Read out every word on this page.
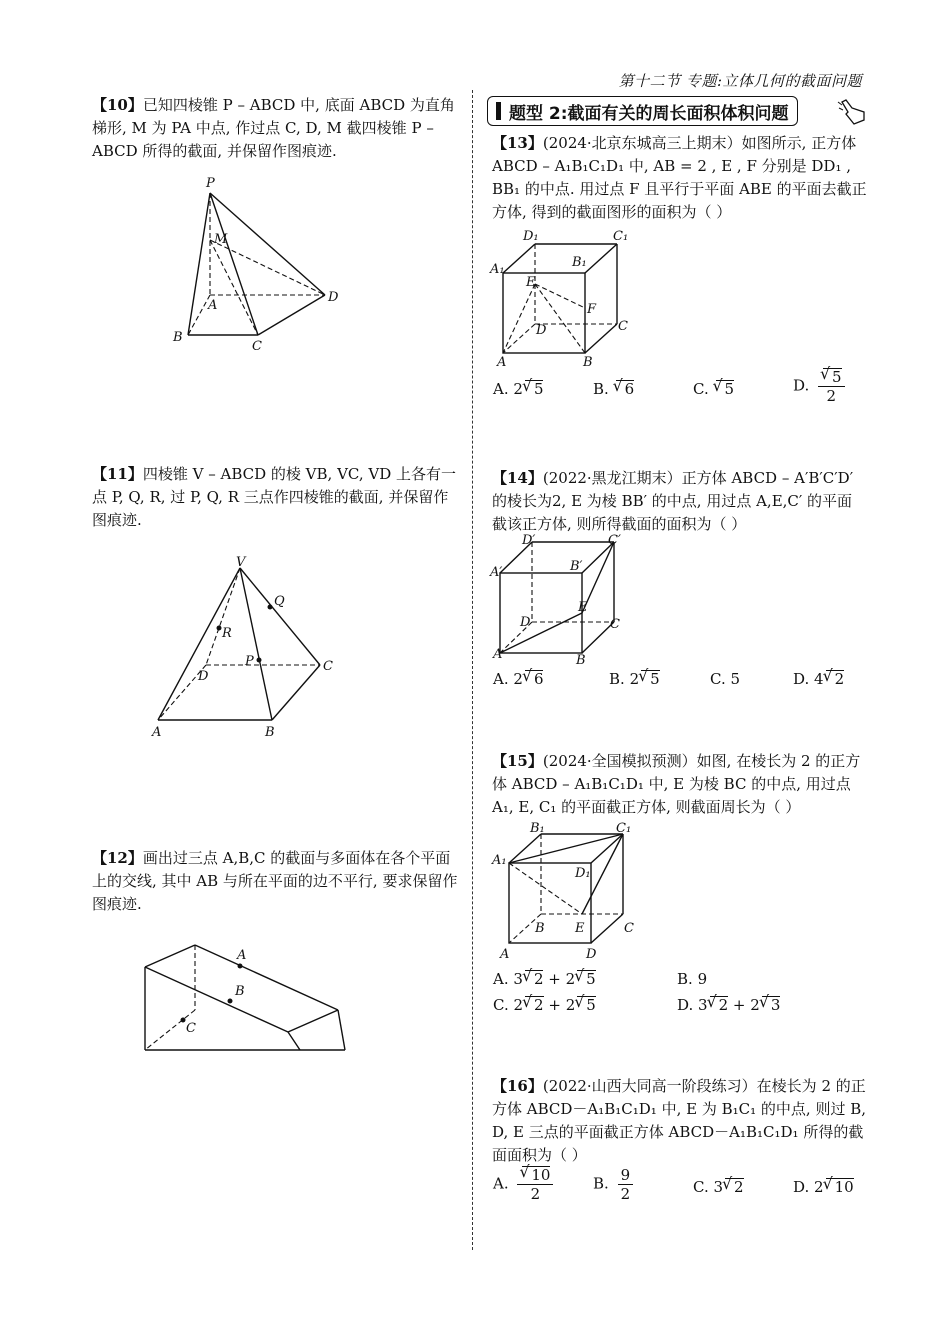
第十二节 专题:立体几何的截面问题
【10】已知四棱锥 P – ABCD 中, 底面 ABCD 为直角梯形, M 为 PA 中点, 作过点 C, D, M 截四棱锥 P – ABCD 所得的截面, 并保留作图痕迹.
P
M
A
B
C
D
【11】四棱锥 V – ABCD 的棱 VB, VC, VD 上各有一点 P, Q, R, 过 P, Q, R 三点作四棱锥的截面, 并保留作图痕迹.
V
Q
R
P
D
C
A	B
【12】画出过三点 A,B,C 的截面与多面体在各个平面上的交线, 其中 AB 与所在平面的边不平行, 要求保留作图痕迹.
A
B
C
题型 2:截面有关的周长面积体积问题
【13】(2024·北京东城高三上期末）如图所示, 正方体 ABCD – A₁B₁C₁D₁ 中, AB = 2 , E , F 分别是 DD₁ , BB₁ 的中点. 用过点 F 且平行于平面 ABE 的平面去截正方体, 得到的截面图形的面积为（ ）
D₁	C₁
A₁	B₁
E
F
D	C
A	B
A. 2 √ 5	B. √ 6	C. √ 5	D. √ $\frac{5}{2}$
【14】(2022·黑龙江期末）正方体 ABCD – A′B′C′D′ 的棱长为2, E 为棱 BB′ 的中点, 用过点 A,E,C′ 的平面截该正方体, 则所得截面的面积为（ ）
D′	C′
A′	B′
E
D	C
A	B
A. 2 √ 6	B. 2 √ 5	C. 5	D. 4 √ 2
【15】(2024·全国模拟预测）如图, 在棱长为 2 的正方体 ABCD – A₁B₁C₁D₁ 中, E 为棱 BC 的中点, 用过点 A₁, E, C₁ 的平面截正方体, 则截面周长为（ ）
B₁	C₁
A₁
D₁
B E	C
A	D
A. 3 √ 2 + 2 √ 5	B. 9
C. 2 √ 2 + 2 √ 5	D. 3 √ 2 + 2 √ 3
【16】(2022·山西大同高一阶段练习）在棱长为 2 的正方体 ABCD－A₁B₁C₁D₁ 中, E 为 B₁C₁ 的中点, 则过 B, D, E 三点的平面截正方体 ABCD－A₁B₁C₁D₁ 所得的截面面积为（ ）
A. √ $\frac{10}{2}$	B. $\frac{9}{2}$	C. 3 √ 2	D. 2 √ 10
